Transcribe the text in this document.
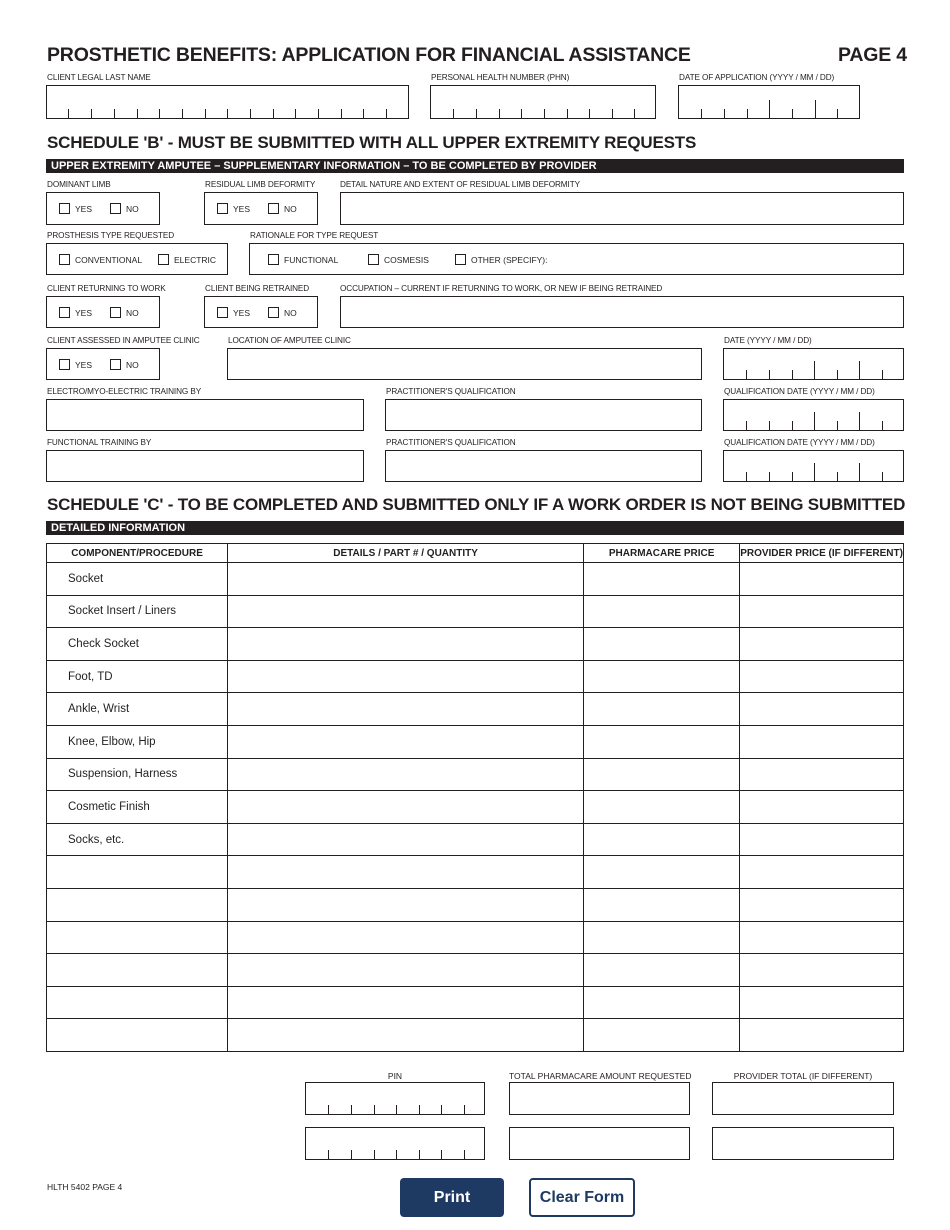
PROSTHETIC BENEFITS: APPLICATION FOR FINANCIAL ASSISTANCE	PAGE 4
CLIENT LEGAL LAST NAME	PERSONAL HEALTH NUMBER (PHN)	DATE OF APPLICATION (YYYY / MM / DD)
SCHEDULE 'B' - MUST BE SUBMITTED WITH ALL UPPER EXTREMITY REQUESTS
UPPER EXTREMITY AMPUTEE – SUPPLEMENTARY INFORMATION – TO BE COMPLETED BY PROVIDER
DOMINANT LIMB
YES	NO
RESIDUAL LIMB DEFORMITY
YES	NO
DETAIL NATURE AND EXTENT OF RESIDUAL LIMB DEFORMITY
PROSTHESIS TYPE REQUESTED
CONVENTIONAL	ELECTRIC
RATIONALE FOR TYPE REQUEST
FUNCTIONAL	COSMESIS	OTHER (SPECIFY):
CLIENT RETURNING TO WORK
YES	NO
CLIENT BEING RETRAINED
YES	NO
OCCUPATION – CURRENT IF RETURNING TO WORK, OR NEW IF BEING RETRAINED
CLIENT ASSESSED IN AMPUTEE CLINIC
YES	NO
LOCATION OF AMPUTEE CLINIC	DATE (YYYY / MM / DD)
ELECTRO/MYO-ELECTRIC TRAINING BY	PRACTITIONER'S QUALIFICATION	QUALIFICATION DATE (YYYY / MM / DD)
FUNCTIONAL TRAINING BY	PRACTITIONER'S QUALIFICATION	QUALIFICATION DATE (YYYY / MM / DD)
SCHEDULE 'C' - TO BE COMPLETED AND SUBMITTED ONLY IF A WORK ORDER IS NOT BEING SUBMITTED
DETAILED INFORMATION
COMPONENT/PROCEDURE	DETAILS / PART # / QUANTITY	PHARMACARE PRICE	PROVIDER PRICE (IF DIFFERENT)
Socket			
Socket Insert / Liners			
Check Socket			
Foot, TD			
Ankle, Wrist			
Knee, Elbow, Hip			
Suspension, Harness			
Cosmetic Finish			
Socks, etc.			

PIN	TOTAL PHARMACARE AMOUNT REQUESTED	PROVIDER TOTAL (IF DIFFERENT)
HLTH 5402 PAGE 4
Print	Clear Form
